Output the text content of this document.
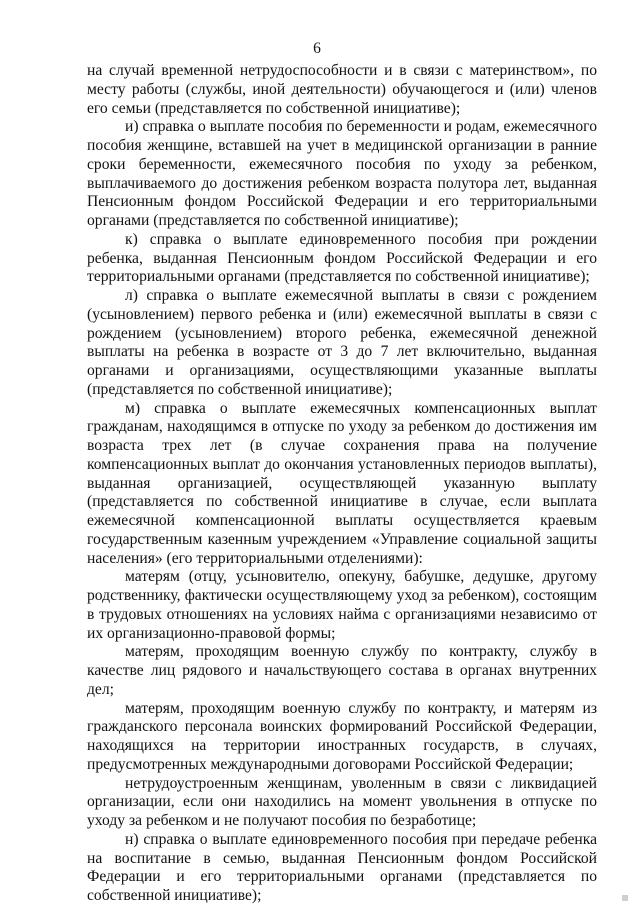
6

на случай временной нетрудоспособности и в связи с материнством», по месту работы (службы, иной деятельности) обучающегося и (или) членов его семьи (представляется по собственной инициативе);

и) справка о выплате пособия по беременности и родам, ежемесячного пособия женщине, вставшей на учет в медицинской организации в ранние сроки беременности, ежемесячного пособия по уходу за ребенком, выплачиваемого до достижения ребенком возраста полутора лет, выданная Пенсионным фондом Российской Федерации и его территориальными органами (представляется по собственной инициативе);

к) справка о выплате единовременного пособия при рождении ребенка, выданная Пенсионным фондом Российской Федерации и его территориальными органами (представляется по собственной инициативе);

л) справка о выплате ежемесячной выплаты в связи с рождением (усыновлением) первого ребенка и (или) ежемесячной выплаты в связи с рождением (усыновлением) второго ребенка, ежемесячной денежной выплаты на ребенка в возрасте от 3 до 7 лет включительно, выданная органами и организациями, осуществляющими указанные выплаты (представляется по собственной инициативе);

м) справка о выплате ежемесячных компенсационных выплат гражданам, находящимся в отпуске по уходу за ребенком до достижения им возраста трех лет (в случае сохранения права на получение компенсационных выплат до окончания установленных периодов выплаты), выданная организацией, осуществляющей указанную выплату (представляется по собственной инициативе в случае, если выплата ежемесячной компенсационной выплаты осуществляется краевым государственным казенным учреждением «Управление социальной защиты населения» (его территориальными отделениями):

матерям (отцу, усыновителю, опекуну, бабушке, дедушке, другому родственнику, фактически осуществляющему уход за ребенком), состоящим в трудовых отношениях на условиях найма с организациями независимо от их организационно-правовой формы;

матерям, проходящим военную службу по контракту, службу в качестве лиц рядового и начальствующего состава в органах внутренних дел;

матерям, проходящим военную службу по контракту, и матерям из гражданского персонала воинских формирований Российской Федерации, находящихся на территории иностранных государств, в случаях, предусмотренных международными договорами Российской Федерации;

нетрудоустроенным женщинам, уволенным в связи с ликвидацией организации, если они находились на момент увольнения в отпуске по уходу за ребенком и не получают пособия по безработице;

н) справка о выплате единовременного пособия при передаче ребенка на воспитание в семью, выданная Пенсионным фондом Российской Федерации и его территориальными органами (представляется по собственной инициативе);
